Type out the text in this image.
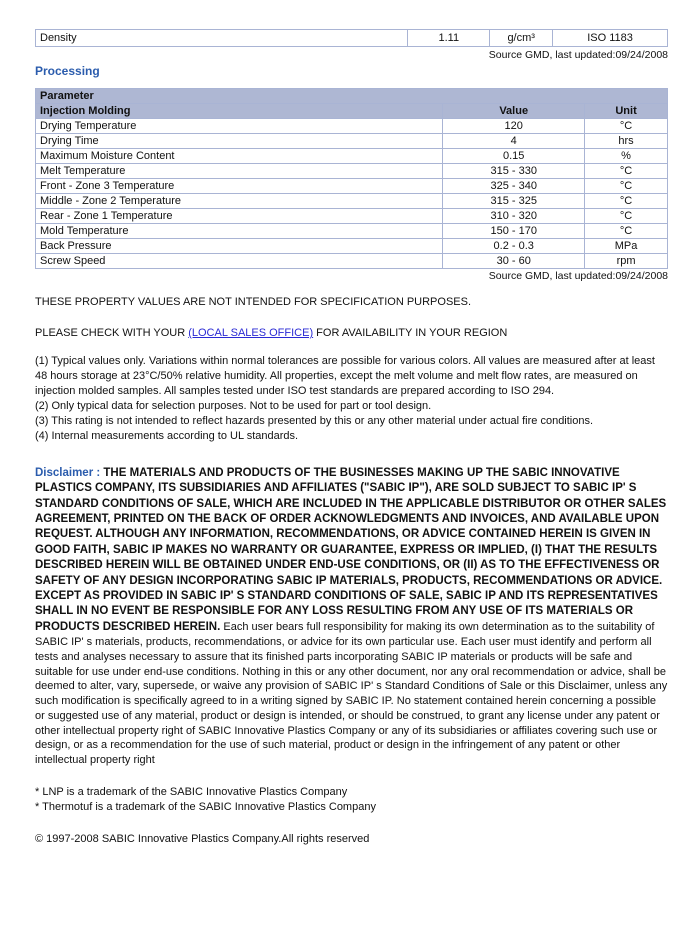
Density	1.11	g/cm³	ISO 1183
Source GMD, last updated:09/24/2008
Processing
Parameter		
Injection Molding	Value	Unit
Drying Temperature	120	°C
Drying Time	4	hrs
Maximum Moisture Content	0.15	%
Melt Temperature	315 - 330	°C
Front - Zone 3 Temperature	325 - 340	°C
Middle - Zone 2 Temperature	315 - 325	°C
Rear - Zone 1 Temperature	310 - 320	°C
Mold Temperature	150 - 170	°C
Back Pressure	0.2 - 0.3	MPa
Screw Speed	30 - 60	rpm
Source GMD, last updated:09/24/2008

THESE PROPERTY VALUES ARE NOT INTENDED FOR SPECIFICATION PURPOSES.

PLEASE CHECK WITH YOUR (LOCAL SALES OFFICE) FOR AVAILABILITY IN YOUR REGION

(1) Typical values only. Variations within normal tolerances are possible for various colors. All values are measured after at least 48 hours storage at 23°C/50% relative humidity. All properties, except the melt volume and melt flow rates, are measured on injection molded samples. All samples tested under ISO test standards are prepared according to ISO 294.

(2) Only typical data for selection purposes. Not to be used for part or tool design.

(3) This rating is not intended to reflect hazards presented by this or any other material under actual fire conditions.

(4) Internal measurements according to UL standards.

Disclaimer : THE MATERIALS AND PRODUCTS OF THE BUSINESSES MAKING UP THE SABIC INNOVATIVE PLASTICS COMPANY, ITS SUBSIDIARIES AND AFFILIATES ("SABIC IP"), ARE SOLD SUBJECT TO SABIC IP' S STANDARD CONDITIONS OF SALE, WHICH ARE INCLUDED IN THE APPLICABLE DISTRIBUTOR OR OTHER SALES AGREEMENT, PRINTED ON THE BACK OF ORDER ACKNOWLEDGMENTS AND INVOICES, AND AVAILABLE UPON REQUEST. ALTHOUGH ANY INFORMATION, RECOMMENDATIONS, OR ADVICE CONTAINED HEREIN IS GIVEN IN GOOD FAITH, SABIC IP MAKES NO WARRANTY OR GUARANTEE, EXPRESS OR IMPLIED, (I) THAT THE RESULTS DESCRIBED HEREIN WILL BE OBTAINED UNDER END-USE CONDITIONS, OR (II) AS TO THE EFFECTIVENESS OR SAFETY OF ANY DESIGN INCORPORATING SABIC IP MATERIALS, PRODUCTS, RECOMMENDATIONS OR ADVICE. EXCEPT AS PROVIDED IN SABIC IP' S STANDARD CONDITIONS OF SALE, SABIC IP AND ITS REPRESENTATIVES SHALL IN NO EVENT BE RESPONSIBLE FOR ANY LOSS RESULTING FROM ANY USE OF ITS MATERIALS OR PRODUCTS DESCRIBED HEREIN. Each user bears full responsibility for making its own determination as to the suitability of SABIC IP' s materials, products, recommendations, or advice for its own particular use. Each user must identify and perform all tests and analyses necessary to assure that its finished parts incorporating SABIC IP materials or products will be safe and suitable for use under end-use conditions. Nothing in this or any other document, nor any oral recommendation or advice, shall be deemed to alter, vary, supersede, or waive any provision of SABIC IP' s Standard Conditions of Sale or this Disclaimer, unless any such modification is specifically agreed to in a writing signed by SABIC IP. No statement contained herein concerning a possible or suggested use of any material, product or design is intended, or should be construed, to grant any license under any patent or other intellectual property right of SABIC Innovative Plastics Company or any of its subsidiaries or affiliates covering such use or design, or as a recommendation for the use of such material, product or design in the infringement of any patent or other intellectual property right

* LNP is a trademark of the SABIC Innovative Plastics Company

* Thermotuf is a trademark of the SABIC Innovative Plastics Company

© 1997-2008 SABIC Innovative Plastics Company.All rights reserved
